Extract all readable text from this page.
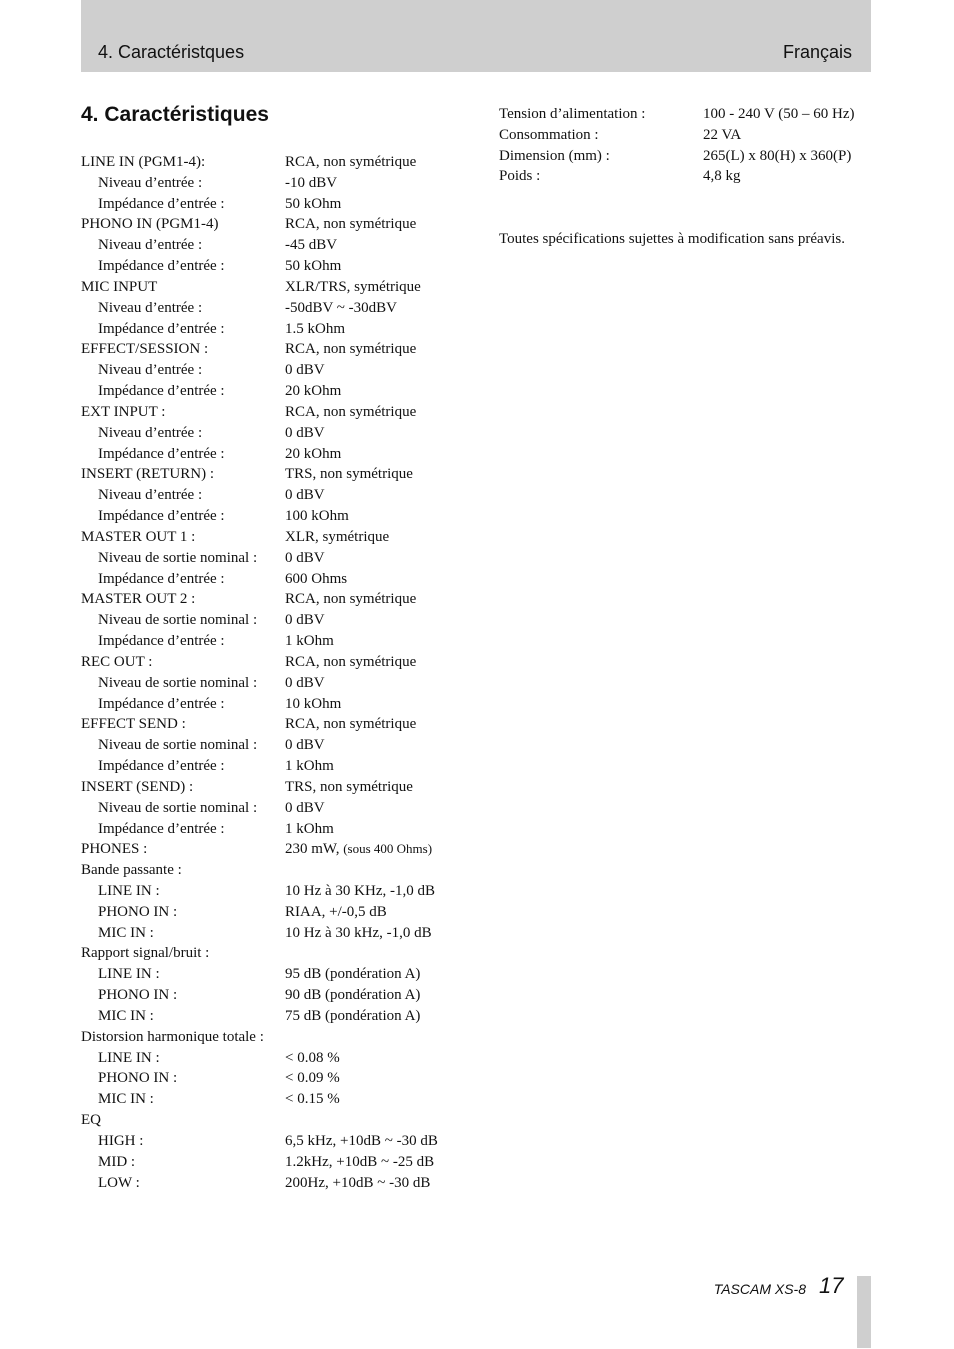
4. Caractéristques	Français
4. Caractéristiques
LINE IN (PGM1-4):	RCA, non symétrique
Niveau d’entrée :	-10 dBV
Impédance d’entrée :	50 kOhm
PHONO IN (PGM1-4)	RCA, non symétrique
Niveau d’entrée :	-45 dBV
Impédance d’entrée :	50 kOhm
MIC INPUT	XLR/TRS, symétrique
Niveau d’entrée :	-50dBV ~ -30dBV
Impédance d’entrée :	1.5 kOhm
EFFECT/SESSION :	RCA, non symétrique
Niveau d’entrée :	0 dBV
Impédance d’entrée :	20 kOhm
EXT INPUT :	RCA, non symétrique
Niveau d’entrée :	0 dBV
Impédance d’entrée :	20 kOhm
INSERT (RETURN) :	TRS, non symétrique
Niveau d’entrée :	0 dBV
Impédance d’entrée :	100 kOhm
MASTER OUT 1 :	XLR, symétrique
Niveau de sortie nominal : 0 dBV
Impédance d’entrée :	600 Ohms
MASTER OUT 2 :	RCA, non symétrique
Niveau de sortie nominal : 0 dBV
Impédance d’entrée :	1 kOhm
REC OUT :	RCA, non symétrique
Niveau de sortie nominal : 0 dBV
Impédance d’entrée :	10 kOhm
EFFECT SEND :	RCA, non symétrique
Niveau de sortie nominal : 0 dBV
Impédance d’entrée :	1 kOhm
INSERT (SEND) :	TRS, non symétrique
Niveau de sortie nominal : 0 dBV
Impédance d’entrée :	1 kOhm
PHONES :	230 mW, (sous 400 Ohms)
Bande passante :
LINE IN :	10 Hz à 30 KHz, -1,0 dB
PHONO IN :	RIAA, +/-0,5 dB
MIC IN :	10 Hz à 30 kHz, -1,0 dB
Rapport signal/bruit :
LINE IN :	95 dB (pondération A)
PHONO IN :	90 dB (pondération A)
MIC IN :	75 dB (pondération A)
Distorsion harmonique totale :
LINE IN :	< 0.08 %
PHONO IN :	< 0.09 %
MIC IN :	< 0.15 %
EQ
HIGH :	6,5 kHz, +10dB ~ -30 dB
MID :	1.2kHz, +10dB ~ -25 dB
LOW :	200Hz, +10dB ~ -30 dB
Tension d’alimentation :	100 - 240 V (50 – 60 Hz)
Consommation :	22 VA
Dimension (mm) :	265(L) x 80(H) x 360(P)
Poids :	4,8 kg

Toutes spécifications sujettes à modification sans préavis.

TASCAM XS-8 17
